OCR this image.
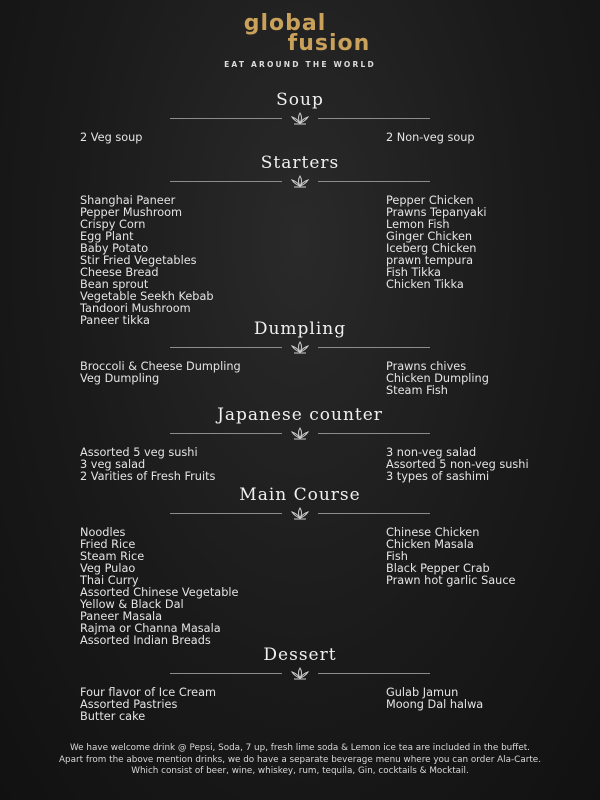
global
fusion
EAT AROUND THE WORLD
Soup
2 Veg soup	2 Non-veg soup
Starters
Shanghai Paneer
Pepper Mushroom
Crispy Corn
Egg Plant
Baby Potato
Stir Fried Vegetables
Cheese Bread
Bean sprout
Vegetable Seekh Kebab
Tandoori Mushroom
Paneer tikka
Pepper Chicken
Prawns Tepanyaki
Lemon Fish
Ginger Chicken
Iceberg Chicken
prawn tempura
Fish Tikka
Chicken Tikka
Dumpling
Broccoli & Cheese Dumpling
Veg Dumpling
Prawns chives
Chicken Dumpling
Steam Fish
Japanese counter
Assorted 5 veg sushi
3 veg salad
2 Varities of Fresh Fruits
3 non-veg salad
Assorted 5 non-veg sushi
3 types of sashimi
Main Course
Noodles
Fried Rice
Steam Rice
Veg Pulao
Thai Curry
Assorted Chinese Vegetable
Yellow & Black Dal
Paneer Masala
Rajma or Channa Masala
Assorted Indian Breads
Chinese Chicken
Chicken Masala
Fish
Black Pepper Crab
Prawn hot garlic Sauce
Dessert
Four flavor of Ice Cream
Assorted Pastries
Butter cake
Gulab Jamun
Moong Dal halwa
We have welcome drink @ Pepsi, Soda, 7 up, fresh lime soda & Lemon ice tea are included in the buffet.
Apart from the above mention drinks, we do have a separate beverage menu where you can order Ala-Carte.
Which consist of beer, wine, whiskey, rum, tequila, Gin, cocktails & Mocktail.
